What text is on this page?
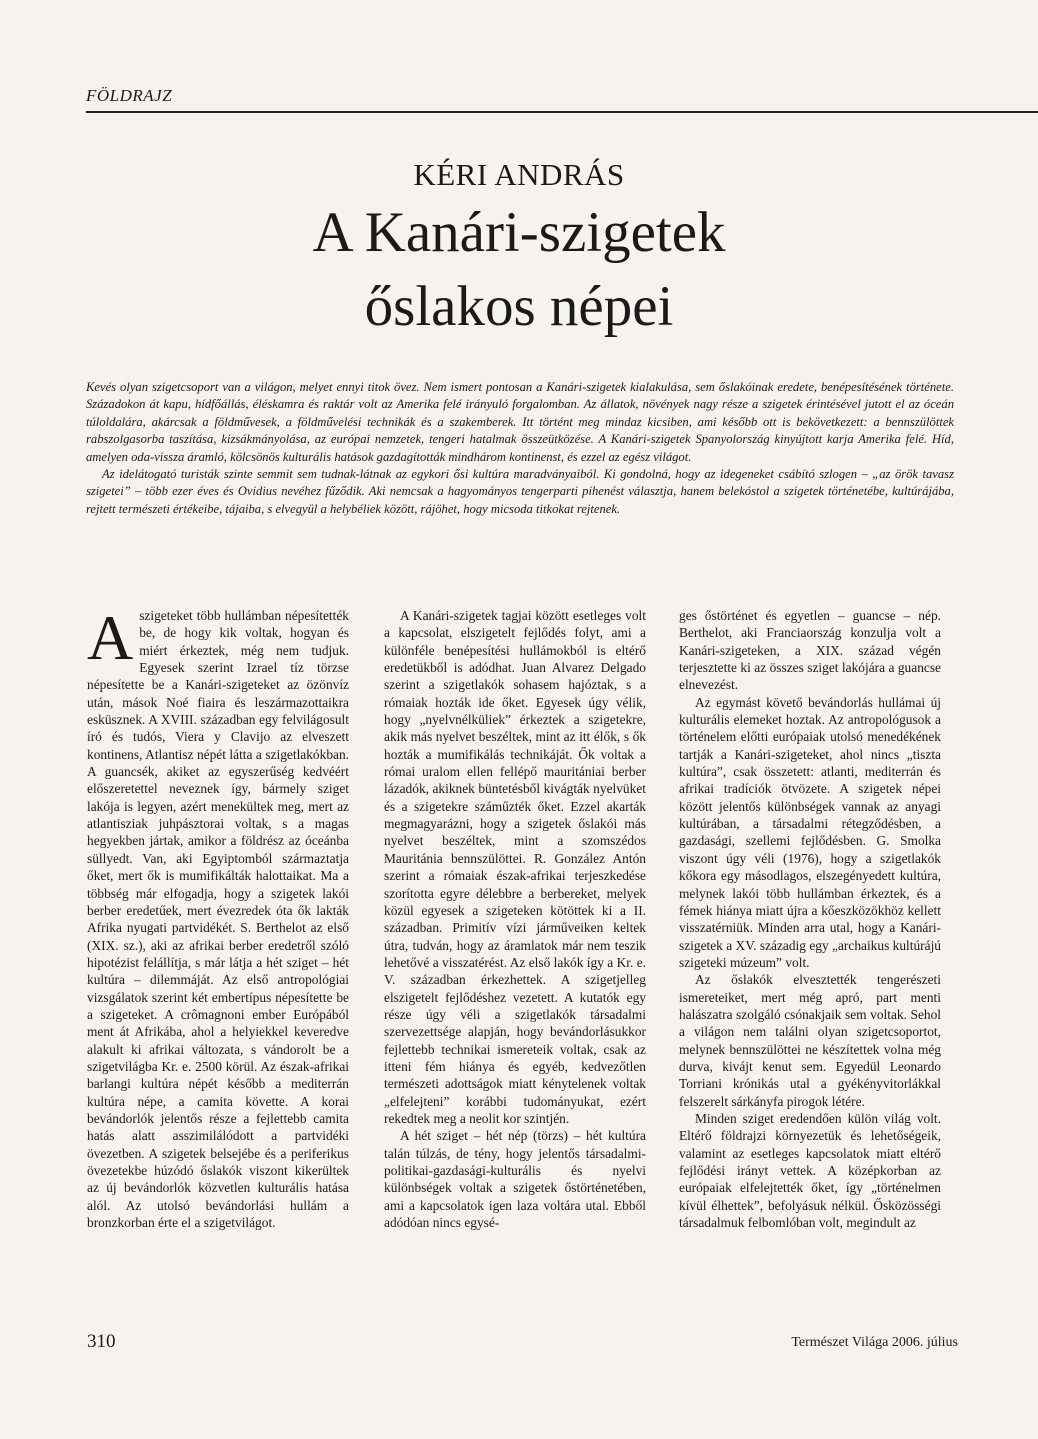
FÖLDRAJZ
KÉRI ANDRÁS
A Kanári-szigetek
őslakos népei

Kevés olyan szigetcsoport van a világon, melyet ennyi titok övez. Nem ismert pontosan a Kanári-szigetek kialakulása, sem őslakóinak eredete, benépesítésének története. Századokon át kapu, hídfőállás, éléskamra és raktár volt az Amerika felé irányuló forgalomban. Az állatok, növények nagy része a szigetek érintésével jutott el az óceán túloldalára, akárcsak a földművesek, a földművelési technikák és a szakemberek. Itt történt meg mindaz kicsiben, ami később ott is bekövetkezett: a bennszülöttek rabszolgasorba taszítása, kizsákmányolása, az európai nemzetek, tengeri hatalmak összeütközése. A Kanári-szigetek Spanyolország kinyújtott karja Amerika felé. Híd, amelyen oda-vissza áramló, kölcsönös kulturális hatások gazdagították mindhárom kontinenst, és ezzel az egész világot.

Az idelátogató turisták szinte semmit sem tudnak-látnak az egykori ősi kultúra maradványaiból. Ki gondolná, hogy az idegeneket csábító szlogen – „az örök tavasz szigetei” – több ezer éves és Ovidius nevéhez fűződik. Aki nemcsak a hagyományos tengerparti pihenést választja, hanem belekóstol a szigetek történetébe, kultúrájába, rejtett természeti értékeibe, tájaiba, s elvegyül a helybéliek között, rájöhet, hogy micsoda titkokat rejtenek.

A szigeteket több hullámban népesítették be, de hogy kik voltak, hogyan és miért érkeztek, még nem tudjuk. Egyesek szerint Izrael tíz törzse népesítette be a Kanári-szigeteket az özönvíz után, mások Noé fiaira és leszármazottaikra esküsznek. A XVIII. században egy felvilágosult író és tudós, Viera y Clavijo az elveszett kontinens, Atlantisz népét látta a szigetlakókban. A guancsék, akiket az egyszerűség kedvéért előszeretettel neveznek így, bármely sziget lakója is legyen, azért menekültek meg, mert az atlantisziak juhpásztorai voltak, s a magas hegyekben jártak, amikor a földrész az óceánba süllyedt. Van, aki Egyiptomból származtatja őket, mert ők is mumifikálták halottaikat. Ma a többség már elfogadja, hogy a szigetek lakói berber eredetűek, mert évezredek óta ők lakták Afrika nyugati partvidékét. S. Berthelot az első (XIX. sz.), aki az afrikai berber eredetről szóló hipotézist felállítja, s már látja a hét sziget – hét kultúra – dilemmáját. Az első antropológiai vizsgálatok szerint két embertípus népesítette be a szigeteket. A crômagnoni ember Európából ment át Afrikába, ahol a helyiekkel keveredve alakult ki afrikai változata, s vándorolt be a szigetvilágba Kr. e. 2500 körül. Az észak-afrikai barlangi kultúra népét később a mediterrán kultúra népe, a camita követte. A korai bevándorlók jelentős része a fejlettebb camita hatás alatt asszimilálódott a partvidéki övezetben. A szigetek belsejébe és a periferikus övezetekbe húzódó őslakók viszont kikerültek az új bevándorlók közvetlen kulturális hatása alól. Az utolsó bevándorlási hullám a bronzkorban érte el a szigetvilágot.

A Kanári-szigetek tagjai között esetleges volt a kapcsolat, elszigetelt fejlődés folyt, ami a különféle benépesítési hullámokból is eltérő eredetükből is adódhat. Juan Alvarez Delgado szerint a szigetlakók sohasem hajóztak, s a rómaiak hozták ide őket. Egyesek úgy vélik, hogy „nyelvnélküliek” érkeztek a szigetekre, akik más nyelvet beszéltek, mint az itt élők, s ők hozták a mumifikálás technikáját. Ők voltak a római uralom ellen fellépő mauritániai berber lázadók, akiknek büntetésből kivágták nyelvüket és a szigetekre száműzték őket. Ezzel akarták megmagyarázni, hogy a szigetek őslakói más nyelvet beszéltek, mint a szomszédos Mauritánia bennszülöttei. R. González Antón szerint a rómaiak észak-afrikai terjeszkedése szorította egyre délebbre a berbereket, melyek közül egyesek a szigeteken kötöttek ki a II. században. Primitív vízi járműveiken keltek útra, tudván, hogy az áramlatok már nem teszik lehetővé a visszatérést. Az első lakók így a Kr. e. V. században érkezhettek. A szigetjelleg elszigetelt fejlődéshez vezetett. A kutatók egy része úgy véli a szigetlakók társadalmi szervezettsége alapján, hogy bevándorlásukkor fejlettebb technikai ismereteik voltak, csak az itteni fém hiánya és egyéb, kedvezőtlen természeti adottságok miatt kénytelenek voltak „elfelejteni” korábbi tudományukat, ezért rekedtek meg a neolit kor szintjén.

A hét sziget – hét nép (törzs) – hét kultúra talán túlzás, de tény, hogy jelentős társadalmi-politikai-gazdasági-kulturális és nyelvi különbségek voltak a szigetek őstörténetében, ami a kapcsolatok igen laza voltára utal. Ebből adódóan nincs egysé-

ges őstörténet és egyetlen – guancse – nép. Berthelot, aki Franciaország konzulja volt a Kanári-szigeteken, a XIX. század végén terjesztette ki az összes sziget lakójára a guancse elnevezést.

Az egymást követő bevándorlás hullámai új kulturális elemeket hoztak. Az antropológusok a történelem előtti európaiak utolsó menedékének tartják a Kanári-szigeteket, ahol nincs „tiszta kultúra”, csak összetett: atlanti, mediterrán és afrikai tradíciók ötvözete. A szigetek népei között jelentős különbségek vannak az anyagi kultúrában, a társadalmi rétegződésben, a gazdasági, szellemi fejlődésben. G. Smolka viszont úgy véli (1976), hogy a szigetlakók kőkora egy másodlagos, elszegényedett kultúra, melynek lakói több hullámban érkeztek, és a fémek hiánya miatt újra a kőeszközökhöz kellett visszatérniük. Minden arra utal, hogy a Kanári-szigetek a XV. századig egy „archaikus kultúrájú szigeteki múzeum” volt.

Az őslakók elvesztették tengerészeti ismereteiket, mert még apró, part menti halászatra szolgáló csónakjaik sem voltak. Sehol a világon nem találni olyan szigetcsoportot, melynek bennszülöttei ne készítettek volna még durva, kivájt kenut sem. Egyedül Leonardo Torriani krónikás utal a gyékényvitorlákkal felszerelt sárkányfa pirogok létére.

Minden sziget eredendően külön világ volt. Eltérő földrajzi környezetük és lehetőségeik, valamint az esetleges kapcsolatok miatt eltérő fejlődési irányt vettek. A középkorban az európaiak elfelejtették őket, így „történelmen kívül élhettek”, befolyásuk nélkül. Ősközösségi társadalmuk felbomlóban volt, megindult az

310	Természet Világa 2006. július
